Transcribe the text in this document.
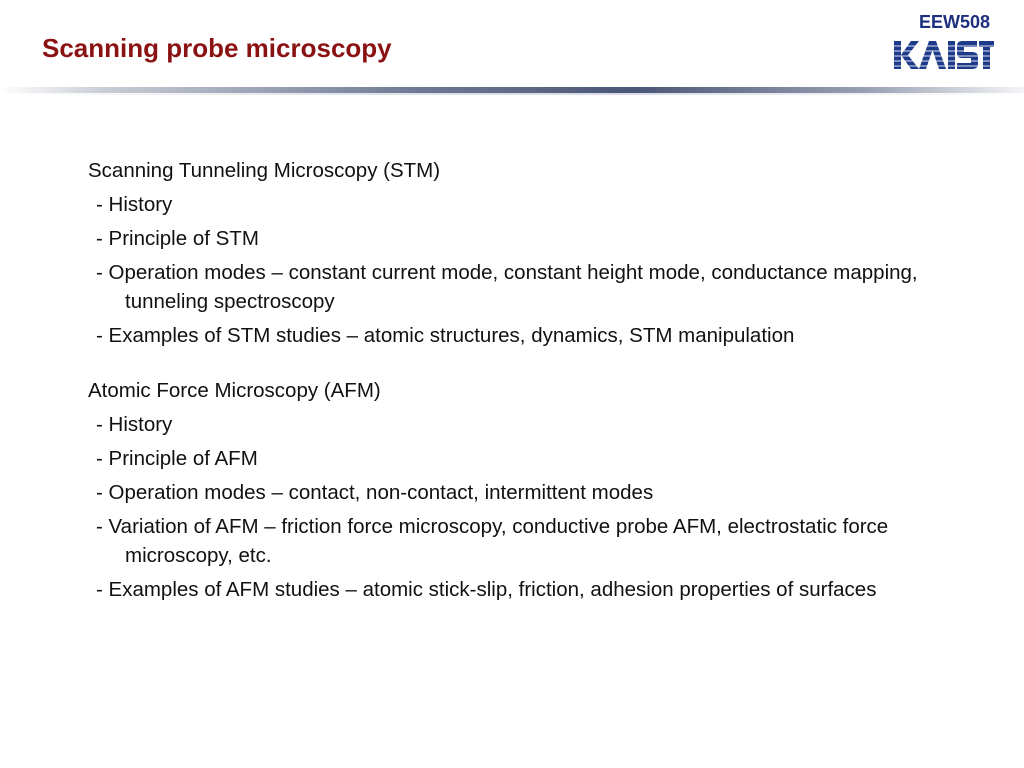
Scanning probe microscopy
EEW508

Scanning Tunneling Microscopy (STM)

- History
- Principle of STM
- Operation modes – constant current mode, constant height mode, conductance mapping, tunneling spectroscopy
- Examples of STM studies – atomic structures, dynamics, STM manipulation

Atomic Force Microscopy (AFM)

- History
- Principle of AFM
- Operation modes – contact, non-contact, intermittent modes
- Variation of AFM – friction force microscopy, conductive probe AFM, electrostatic force microscopy, etc.
- Examples of AFM studies – atomic stick-slip, friction, adhesion properties of surfaces
